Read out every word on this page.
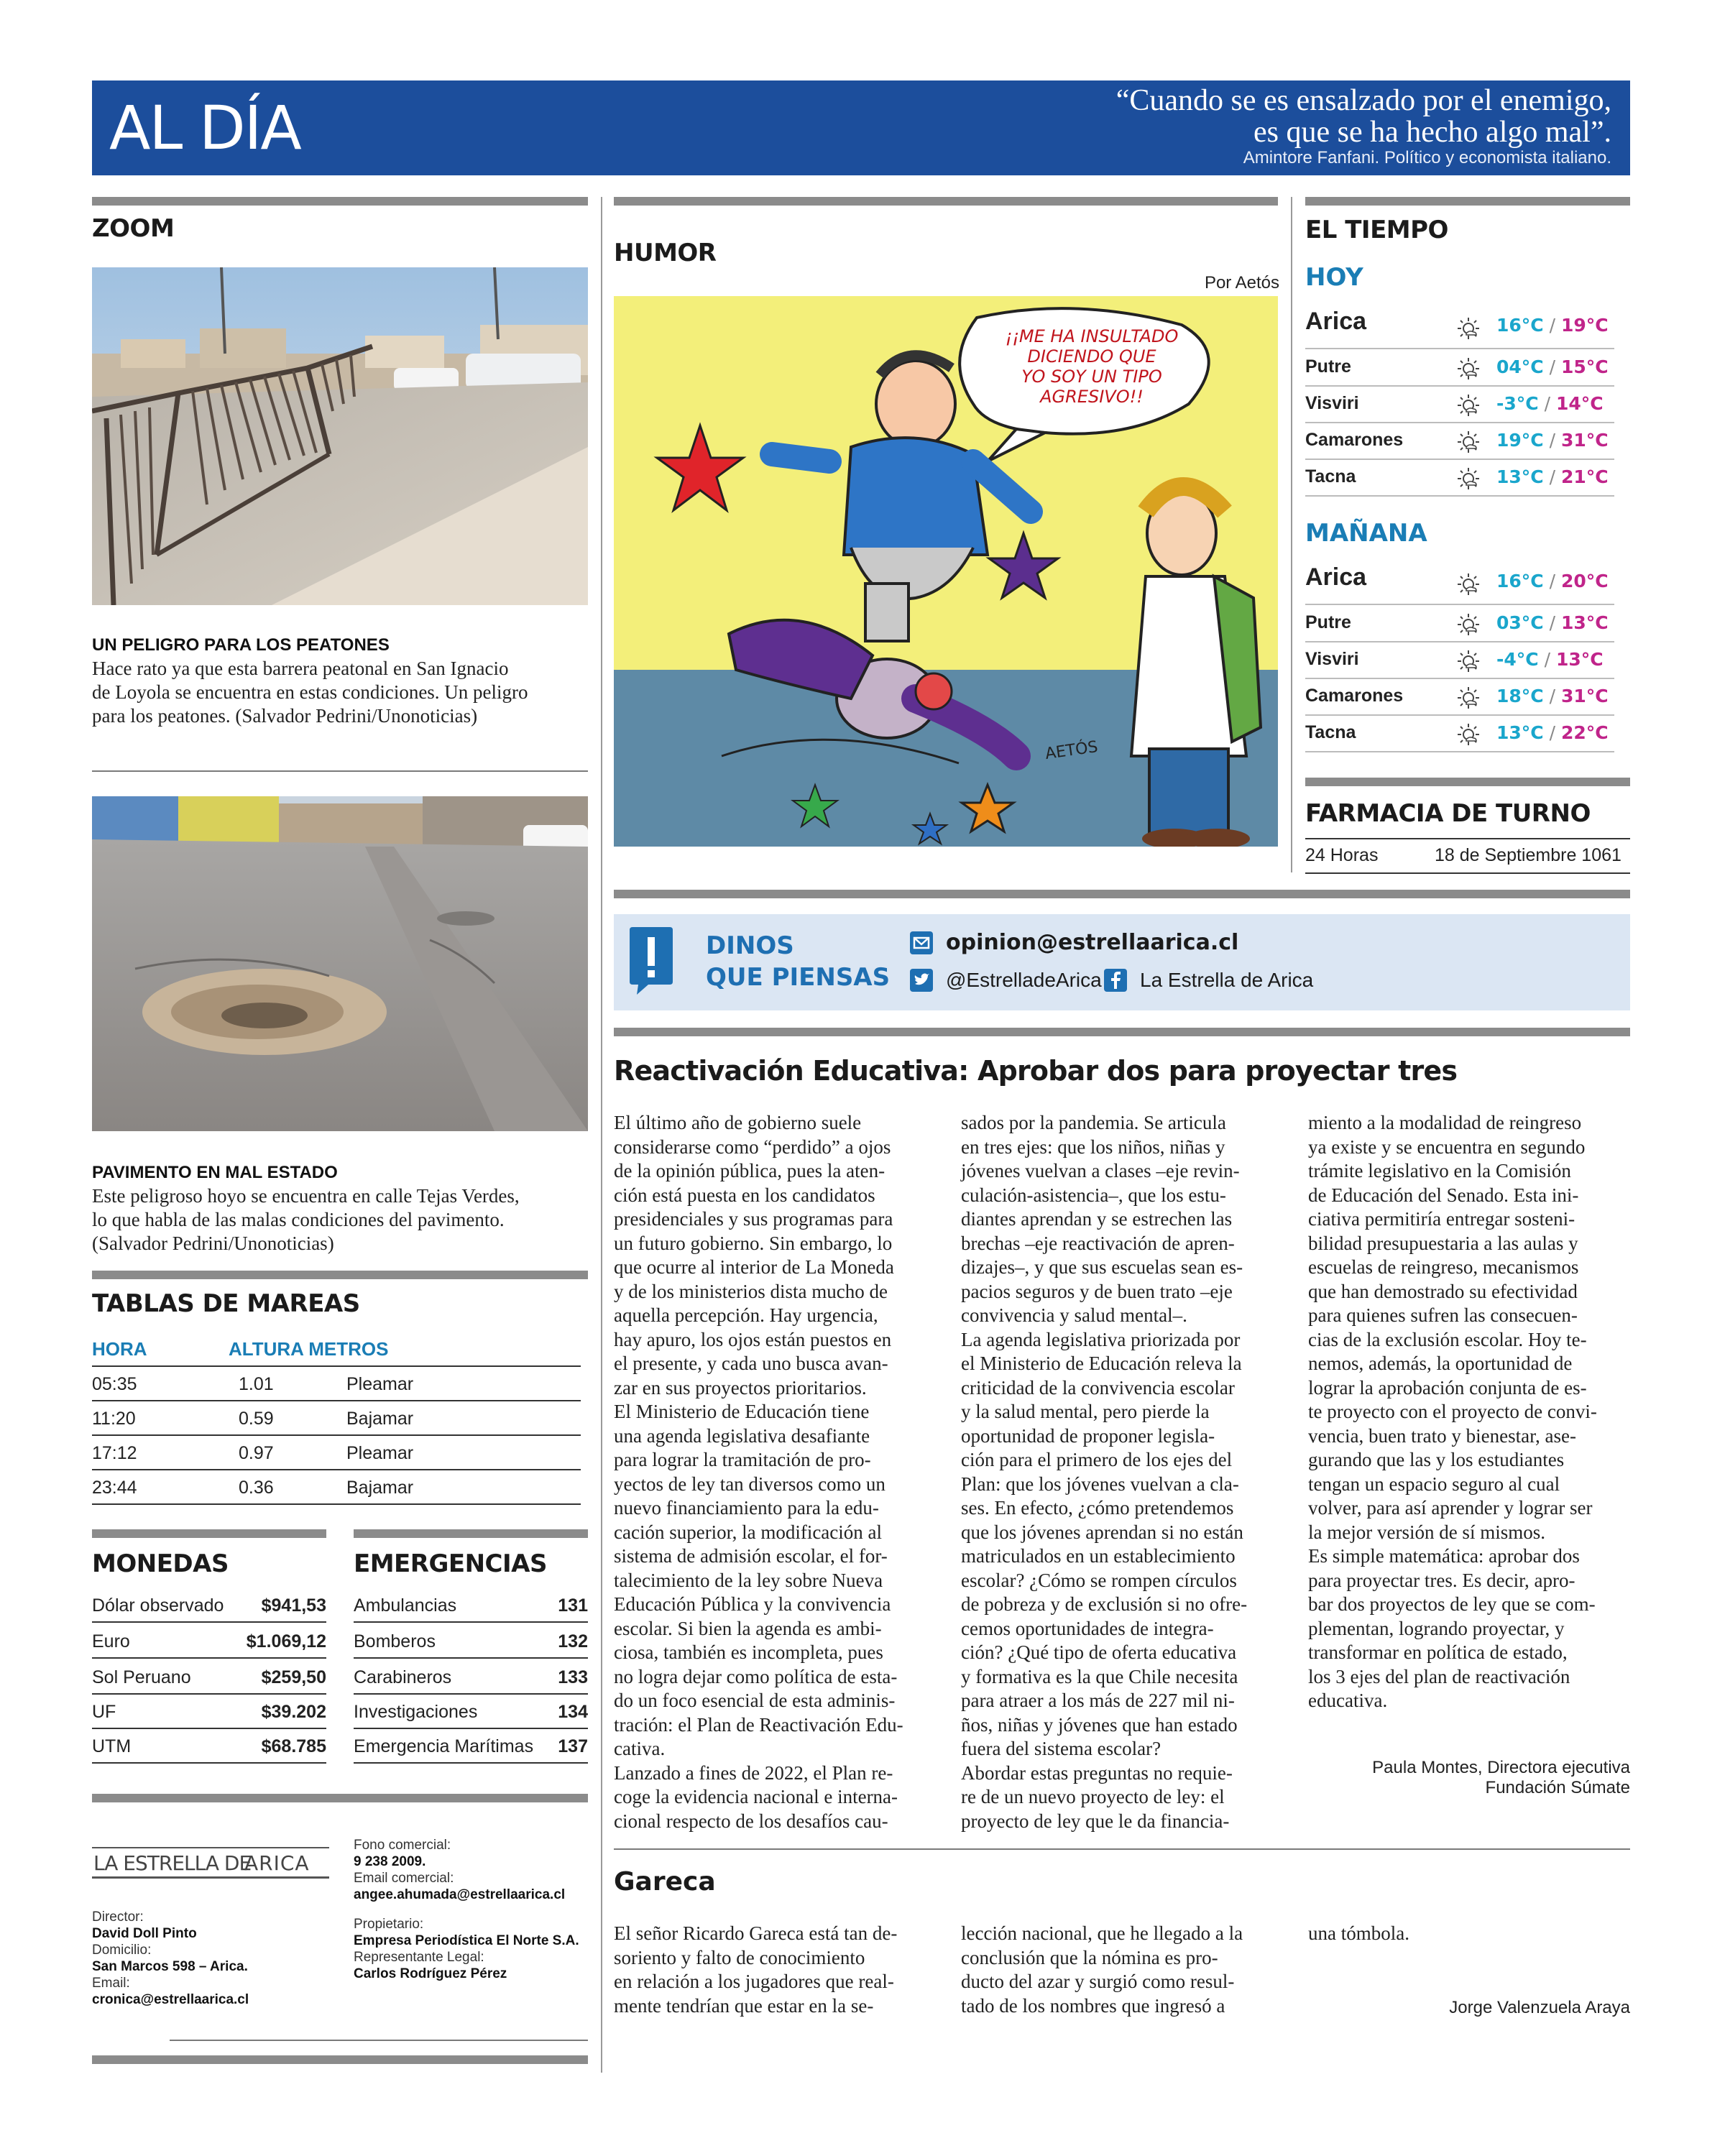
AL DÍA	“Cuando se es ensalzado por el enemigo,
es que se ha hecho algo mal”.
Amintore Fanfani. Político y economista italiano.
ZOOM
UN PELIGRO PARA LOS PEATONES
Hace rato ya que esta barrera peatonal en San Ignacio
de Loyola se encuentra en estas condiciones. Un peligro
para los peatones. (Salvador Pedrini/Unonoticias)
PAVIMENTO EN MAL ESTADO
Este peligroso hoyo se encuentra en calle Tejas Verdes,
lo que habla de las malas condiciones del pavimento.
(Salvador Pedrini/Unonoticias)
TABLAS DE MAREAS
HORA	ALTURA METROS
05:35	1.01	Pleamar
11:20	0.59	Bajamar
17:12	0.97	Pleamar
23:44	0.36	Bajamar
MONEDAS	EMERGENCIAS
Dólar observado $941,53
Euro	$1.069,12
Sol Peruano	$259,50
UF	$39.202
UTM	$68.785
Ambulancias	131
Bomberos	132
Carabineros	133
Investigaciones	134
Emergencia Marítimas 137
LA ESTRELLA DE
ARICA
Director:
David Doll Pinto
Domicilio:
San Marcos 598 – Arica.
Email:
cronica@estrellaarica.cl
Fono comercial:
9 238 2009.
Email comercial:
angee.ahumada@estrellaarica.cl
Propietario:
Empresa Periodística El Norte S.A.
Representante Legal:
Carlos Rodríguez Pérez
HUMOR
Por Aetós
¡¡ME HA INSULTADO
DICIENDO QUE
YO SOY UN TIPO
AGRESIVO!!
AETÓS
EL TIEMPO
HOY
Arica	16°C / 19°C
Putre	04°C / 15°C
Visviri	-3°C / 14°C
Camarones	19°C / 31°C
Tacna	13°C / 21°C
MAÑANA
Arica	16°C / 20°C
Putre	03°C / 13°C
Visviri	-4°C / 13°C
Camarones	18°C / 31°C
Tacna	13°C / 22°C
FARMACIA DE TURNO
24 Horas	18 de Septiembre 1061
DINOS
QUE PIENSAS
opinion@estrellaarica.cl
@EstrelladeArica La Estrella de Arica
Reactivación Educativa: Aprobar dos para proyectar tres
El último año de gobierno suele
considerarse como “perdido” a ojos
de la opinión pública, pues la aten-
ción está puesta en los candidatos
presidenciales y sus programas para
un futuro gobierno. Sin embargo, lo
que ocurre al interior de La Moneda
y de los ministerios dista mucho de
aquella percepción. Hay urgencia,
hay apuro, los ojos están puestos en
el presente, y cada uno busca avan-
zar en sus proyectos prioritarios.
El Ministerio de Educación tiene
una agenda legislativa desafiante
para lograr la tramitación de pro-
yectos de ley tan diversos como un
nuevo financiamiento para la edu-
cación superior, la modificación al
sistema de admisión escolar, el for-
talecimiento de la ley sobre Nueva
Educación Pública y la convivencia
escolar. Si bien la agenda es ambi-
ciosa, también es incompleta, pues
no logra dejar como política de esta-
do un foco esencial de esta adminis-
tración: el Plan de Reactivación Edu-
cativa.
Lanzado a fines de 2022, el Plan re-
coge la evidencia nacional e interna-
cional respecto de los desafíos cau-
sados por la pandemia. Se articula
en tres ejes: que los niños, niñas y
jóvenes vuelvan a clases –eje revin-
culación-asistencia–, que los estu-
diantes aprendan y se estrechen las
brechas –eje reactivación de apren-
dizajes–, y que sus escuelas sean es-
pacios seguros y de buen trato –eje
convivencia y salud mental–.
La agenda legislativa priorizada por
el Ministerio de Educación releva la
criticidad de la convivencia escolar
y la salud mental, pero pierde la
oportunidad de proponer legisla-
ción para el primero de los ejes del
Plan: que los jóvenes vuelvan a cla-
ses. En efecto, ¿cómo pretendemos
que los jóvenes aprendan si no están
matriculados en un establecimiento
escolar? ¿Cómo se rompen círculos
de pobreza y de exclusión si no ofre-
cemos oportunidades de integra-
ción? ¿Qué tipo de oferta educativa
y formativa es la que Chile necesita
para atraer a los más de 227 mil ni-
ños, niñas y jóvenes que han estado
fuera del sistema escolar?
Abordar estas preguntas no requie-
re de un nuevo proyecto de ley: el
proyecto de ley que le da financia-
miento a la modalidad de reingreso
ya existe y se encuentra en segundo
trámite legislativo en la Comisión
de Educación del Senado. Esta ini-
ciativa permitiría entregar sosteni-
bilidad presupuestaria a las aulas y
escuelas de reingreso, mecanismos
que han demostrado su efectividad
para quienes sufren las consecuen-
cias de la exclusión escolar. Hoy te-
nemos, además, la oportunidad de
lograr la aprobación conjunta de es-
te proyecto con el proyecto de convi-
vencia, buen trato y bienestar, ase-
gurando que las y los estudiantes
tengan un espacio seguro al cual
volver, para así aprender y lograr ser
la mejor versión de sí mismos.
Es simple matemática: aprobar dos
para proyectar tres. Es decir, apro-
bar dos proyectos de ley que se com-
plementan, logrando proyectar, y
transformar en política de estado,
los 3 ejes del plan de reactivación
educativa.
Paula Montes, Directora ejecutiva
Fundación Súmate
Gareca
El señor Ricardo Gareca está tan de-
soriento y falto de conocimiento
en relación a los jugadores que real-
mente tendrían que estar en la se-
lección nacional, que he llegado a la
conclusión que la nómina es pro-
ducto del azar y surgió como resul-
tado de los nombres que ingresó a
una tómbola.
Jorge Valenzuela Araya
